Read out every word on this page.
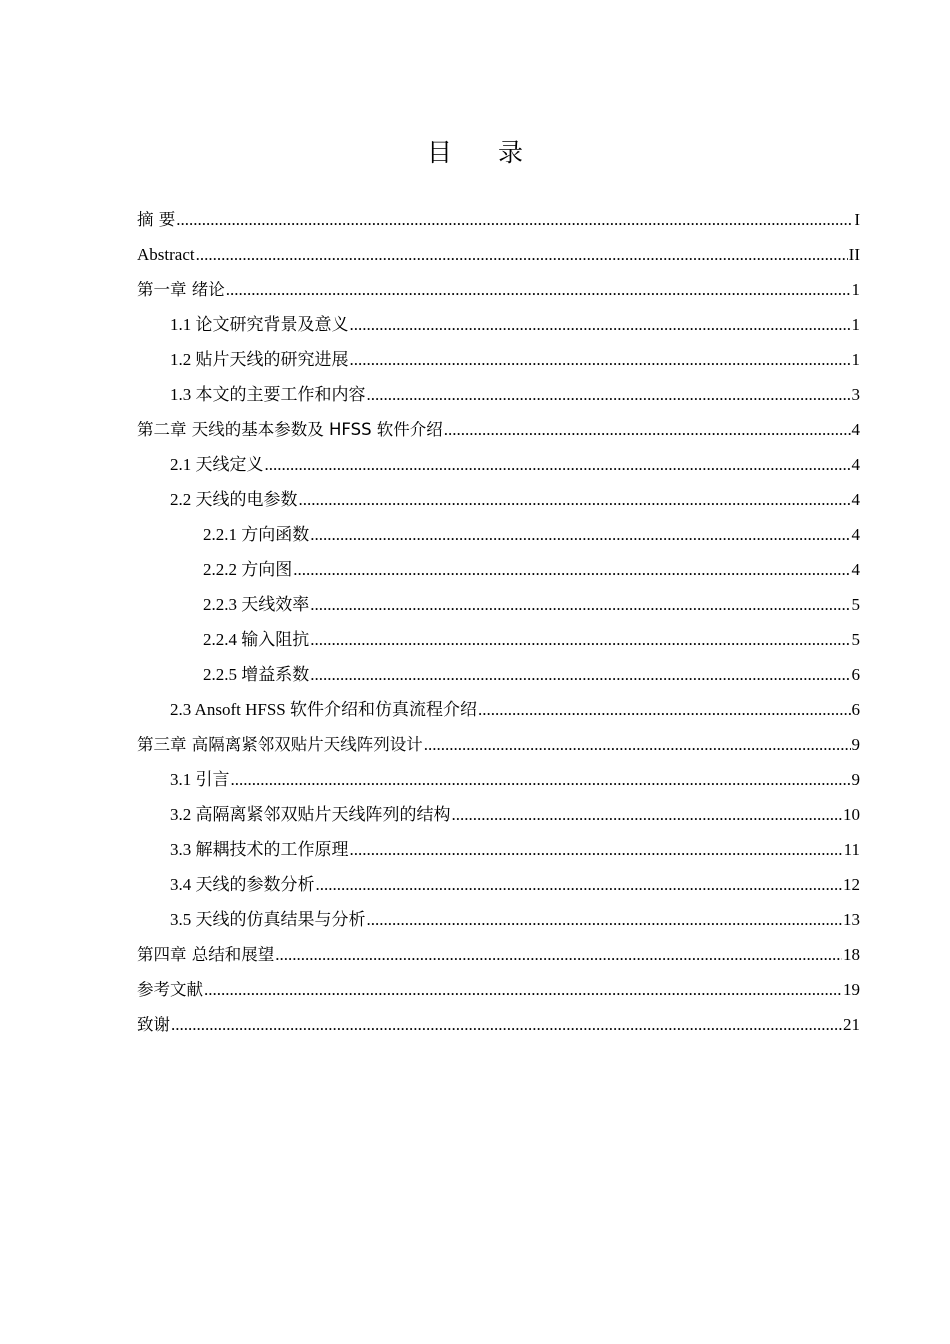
目录
摘 要 .....	I
Abstract .....	II
第一章 绪论 .....	1
1.1 论文研究背景及意义 .....	1
1.2 贴片天线的研究进展 .....	1
1.3 本文的主要工作和内容 .....	3
第二章 天线的基本参数及 HFSS 软件介绍 .....	4
2.1 天线定义 .....	4
2.2 天线的电参数 .....	4
2.2.1 方向函数 .....	4
2.2.2 方向图 .....	4
2.2.3 天线效率 .....	5
2.2.4 输入阻抗 .....	5
2.2.5 增益系数 .....	6
2.3 Ansoft HFSS 软件介绍和仿真流程介绍 .....	6
第三章 高隔离紧邻双贴片天线阵列设计 .....	9
3.1 引言 .....	9
3.2 高隔离紧邻双贴片天线阵列的结构 .....	10
3.3 解耦技术的工作原理 .....	11
3.4 天线的参数分析 .....	12
3.5 天线的仿真结果与分析 .....	13
第四章 总结和展望 .....	18
参考文献 .....	19
致谢 .....	21
